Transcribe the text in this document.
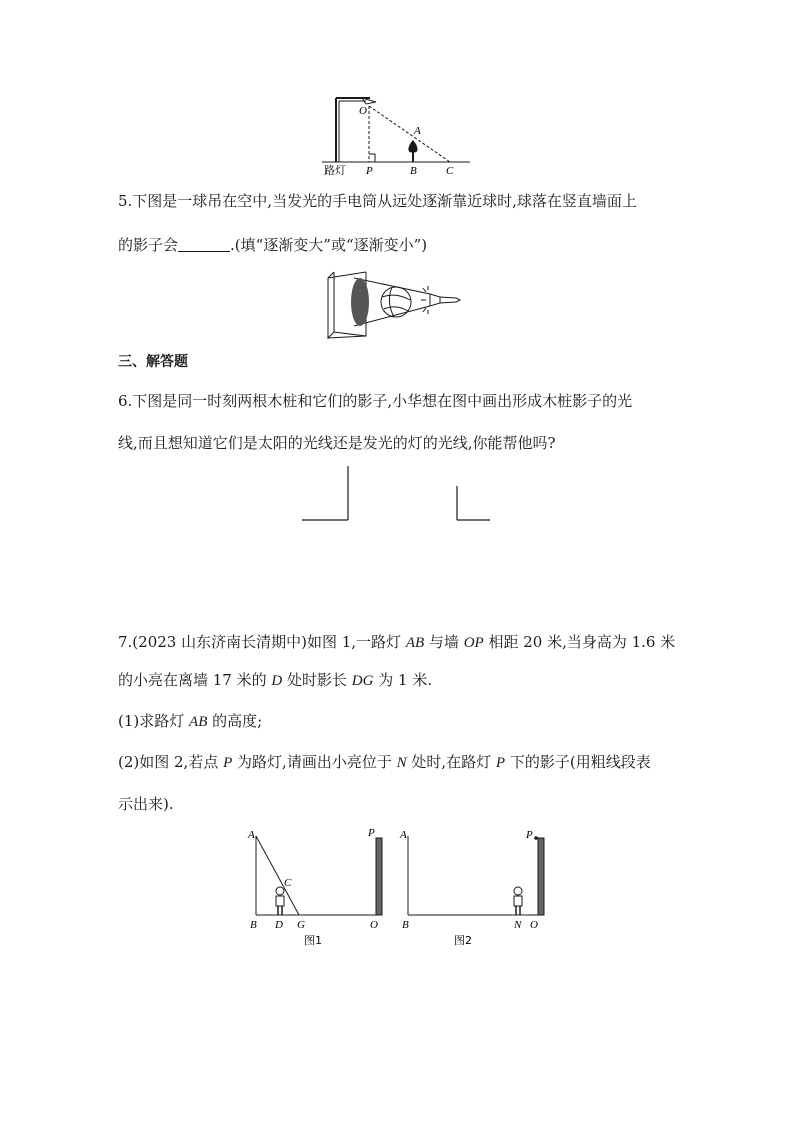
O
A
路灯 P	B	C
5.下图是一球吊在空中,当发光的手电筒从远处逐渐靠近球时,球落在竖直墙面上
的影子会	.(填“逐渐变大”或“逐渐变小”)
三、解答题
6.下图是同一时刻两根木桩和它们的影子,小华想在图中画出形成木桩影子的光
线,而且想知道它们是太阳的光线还是发光的灯的光线,你能帮他吗?
7.(2023 山东济南长清期中)如图 1,一路灯 AB 与墙 OP 相距 20 米,当身高为 1.6 米
的小亮在离墙 17 米的 D 处时影长 DG 为 1 米.
(1)求路灯 AB 的高度;
(2)如图 2,若点 P 为路灯,请画出小亮位于 N 处时,在路灯 P 下的影子(用粗线段表
示出来).
A
C
P
B D G	O
图1
A	P
B	N O
图2
